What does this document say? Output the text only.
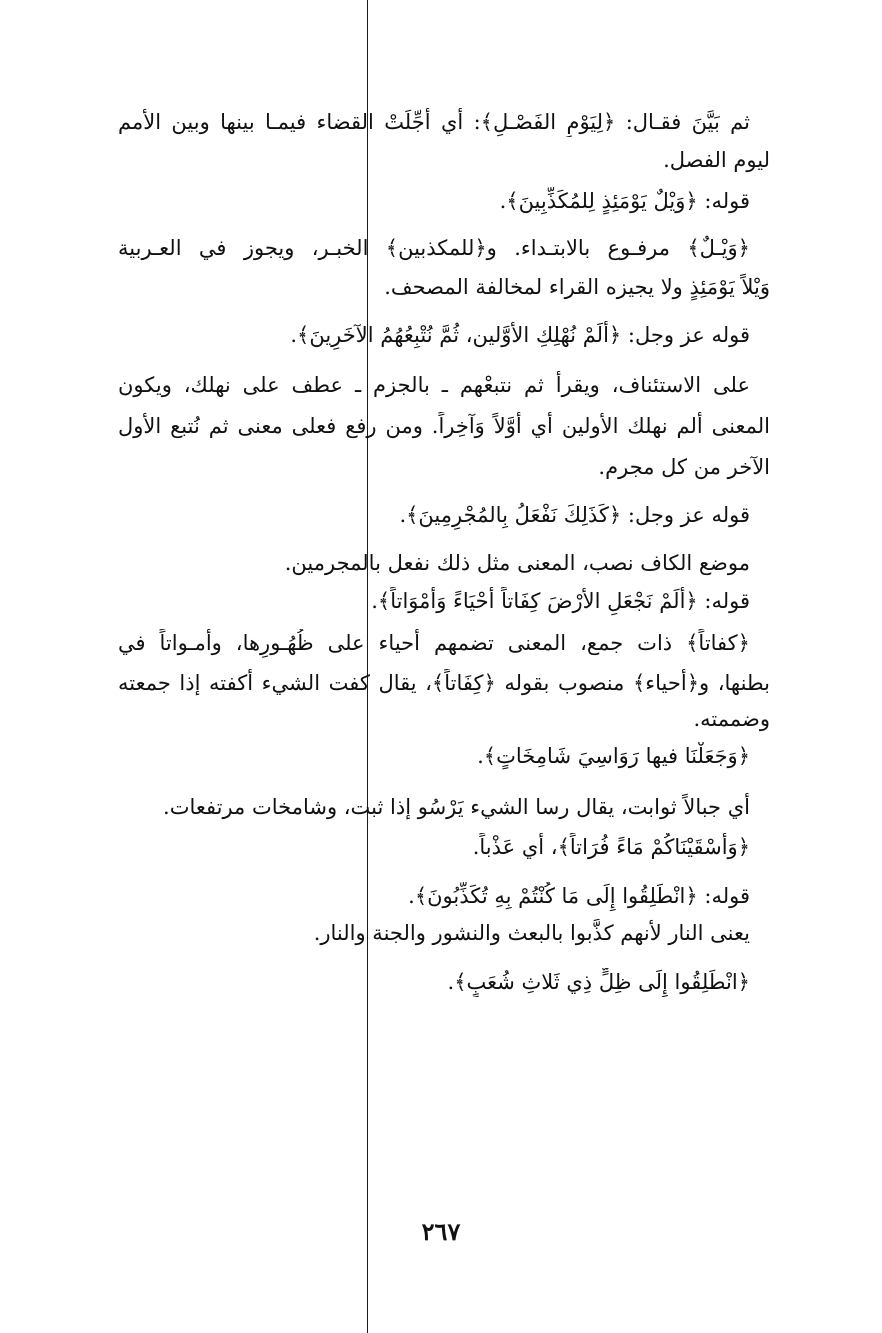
ثم بَيَّنَ فقـال: ﴿لِيَوْمِ الفَصْـلِ﴾: أي أُجِّلَتْ القضاء فيمـا بينها وبين الأمم
ليوم الفصل.
قوله: ﴿وَيْلٌ يَوْمَئِذٍ لِلمُكَذِّبِينَ﴾.
﴿وَيْـلٌ﴾ مرفـوع بالابتـداء. و﴿للمكذبين﴾ الخبـر، ويجوز في العـربية
وَيْلاً يَوْمَئِذٍ ولا يجيزه القراء لمخالفة المصحف.
قوله عز وجل: ﴿أَلَمْ نُهْلِكِ الأَوَّلين، ثُمَّ نُتْبِعُهُمُ الآخَرِينَ﴾.
على الاستئناف، ويقرأ ثم نتبعْهم ـ بالجزم ـ عطف على نهلك، ويكون
المعنى ألم نهلك الأولين أي أَوَّلاً وَآخِراً. ومن رفع فعلى معنى ثم نُتبع الأول
الآخر من كل مجرم.
قوله عز وجل: ﴿كَذَلِكَ نَفْعَلُ بِالمُجْرِمِينَ﴾.
موضع الكاف نصب، المعنى مثل ذلك نفعل بالمجرمين.
قوله: ﴿أَلَمْ نَجْعَلِ الأَرْضَ كِفَاتاً أَحْيَاءً وَأَمْوَاتاً﴾.
﴿كفاتاً﴾ ذات جمع، المعنى تضمهم أحياء على ظُهُـورِها، وأمـواتاً في
بطنها، و﴿أحياء﴾ منصوب بقوله ﴿كِفَاتاً﴾، يقال كفت الشيء أكفته إذا جمعته
وضممته.
﴿وَجَعَلْنَا فيها رَوَاسِيَ شَامِخَاتٍ﴾.
أي جبالاً ثوابت، يقال رسا الشيء يَرْسُو إذا ثبت، وشامخات مرتفعات.
﴿وَأَسْقَيْنَاكُمْ مَاءً فُرَاتاً﴾، أي عَذْباً.
قوله: ﴿انْطَلِقُوا إِلَى مَا كُنْتُمْ بِهِ تُكَذِّبُونَ﴾.
يعنى النار لأنهم كذَّبوا بالبعث والنشور والجنة والنار.
﴿انْطَلِقُوا إِلَى ظِلٍّ ذِي ثَلاثِ شُعَبٍ﴾.
٢٦٧
